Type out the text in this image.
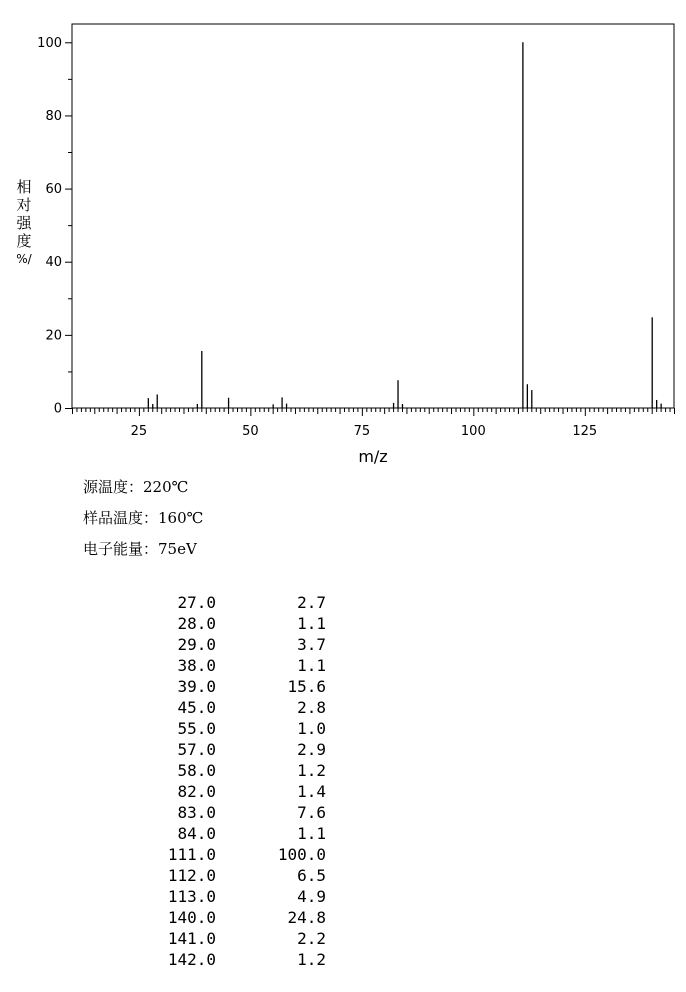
25	50	75	100	125
0
20
40
60
80
100
m/z
相
对
强
度
%/
源温度：220℃
样品温度：160℃
电子能量：75eV
27.0	2.7
28.0	1.1
29.0	3.7
38.0	1.1
39.0	15.6
45.0	2.8
55.0	1.0
57.0	2.9
58.0	1.2
82.0	1.4
83.0	7.6
84.0	1.1
111.0	100.0
112.0	6.5
113.0	4.9
140.0	24.8
141.0	2.2
142.0	1.2
